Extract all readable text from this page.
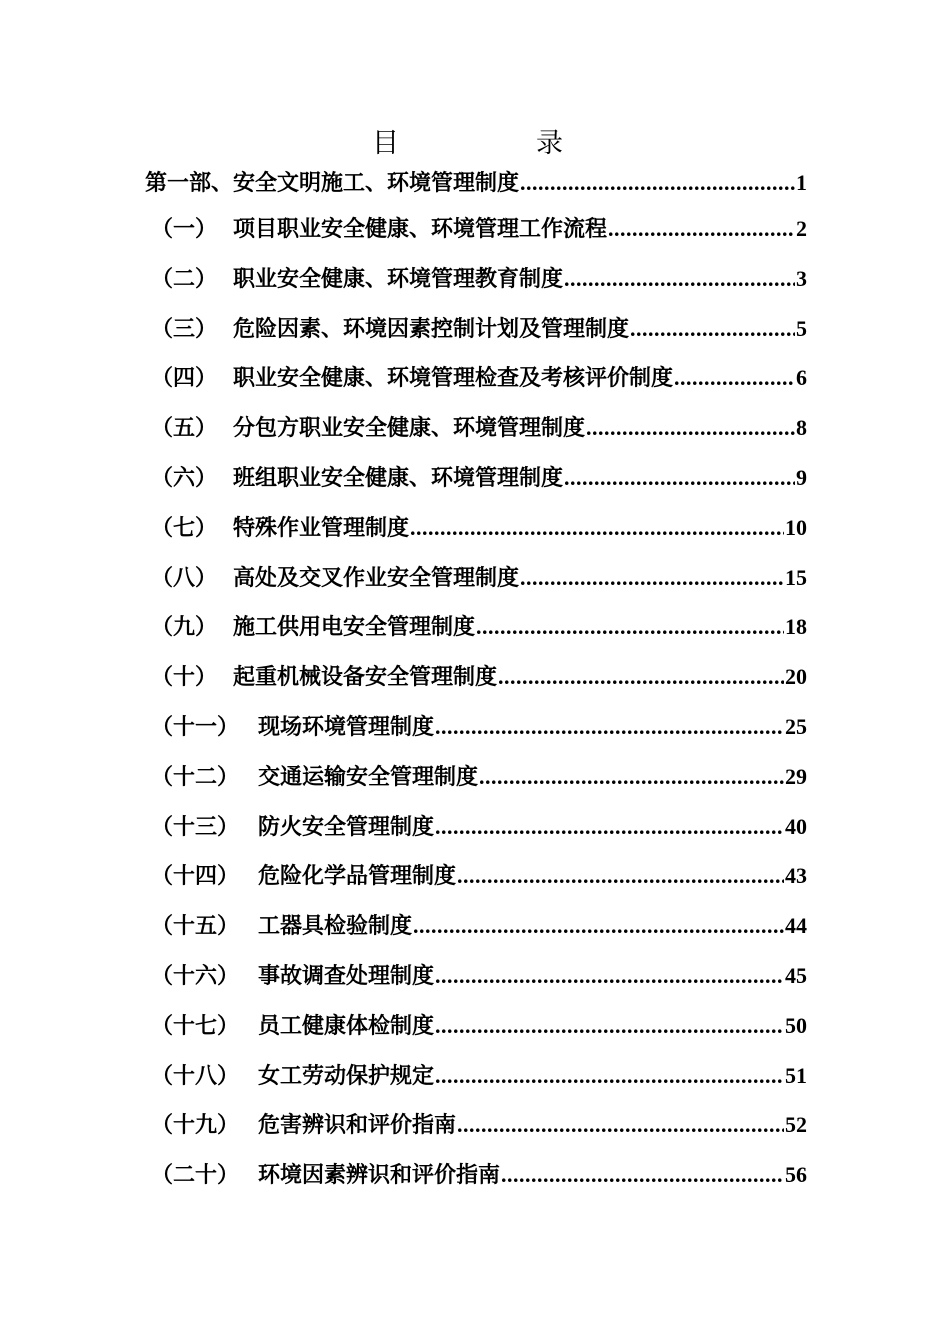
目　录
第一部、安全文明施工、环境管理制度 .....	1
（一） 项目职业安全健康、环境管理工作流程 .....	2
（二） 职业安全健康、环境管理教育制度 .....	3
（三） 危险因素、环境因素控制计划及管理制度 .....	5
（四） 职业安全健康、环境管理检查及考核评价制度 .....	6
（五） 分包方职业安全健康、环境管理制度 .....	8
（六） 班组职业安全健康、环境管理制度 .....	9
（七） 特殊作业管理制度 .....	10
（八） 高处及交叉作业安全管理制度 .....	15
（九） 施工供用电安全管理制度 .....	18
（十） 起重机械设备安全管理制度 .....	20
（十一） 现场环境管理制度 .....	25
（十二） 交通运输安全管理制度 .....	29
（十三） 防火安全管理制度 .....	40
（十四） 危险化学品管理制度 .....	43
（十五） 工器具检验制度 .....	44
（十六） 事故调查处理制度 .....	45
（十七） 员工健康体检制度 .....	50
（十八） 女工劳动保护规定 .....	51
（十九） 危害辨识和评价指南 .....	52
（二十） 环境因素辨识和评价指南 .....	56
